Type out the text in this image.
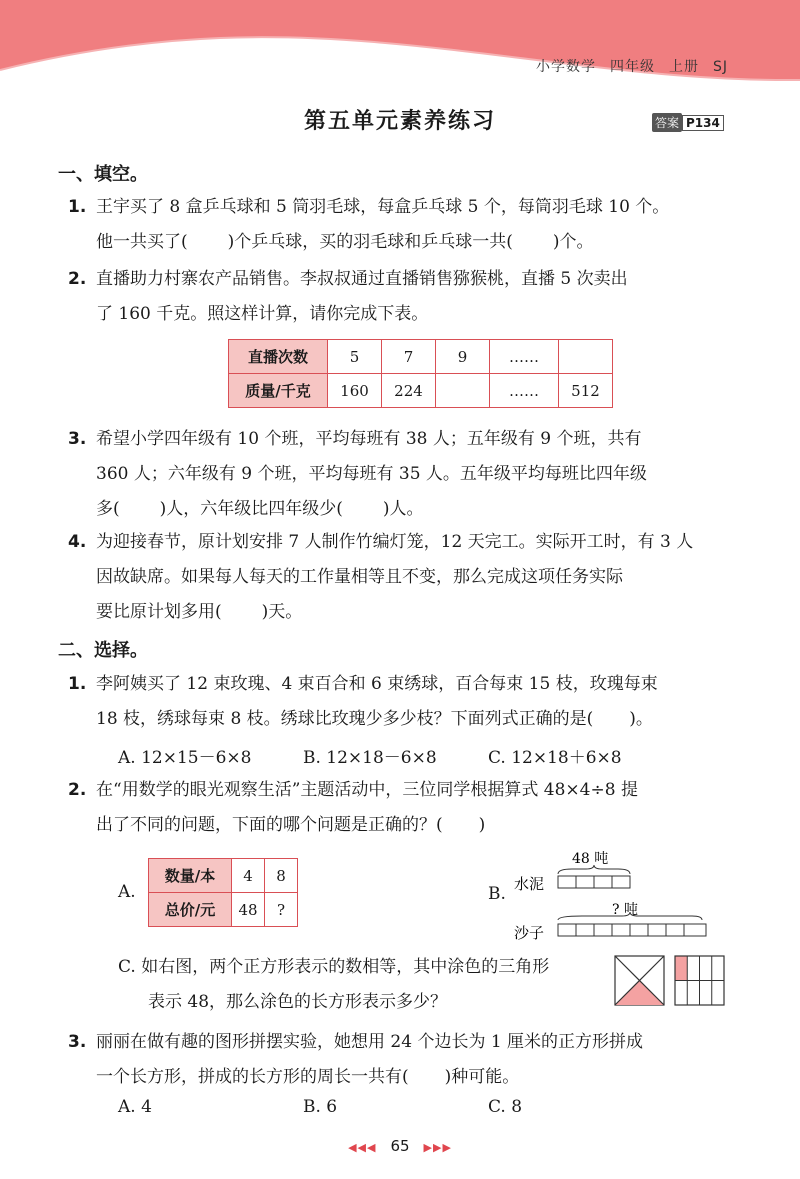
小学数学 四年级 上册 SJ
第五单元素养练习	答案 P134
一、填空。
1. 王宇买了 8 盒乒乓球和 5 筒羽毛球，每盒乒乓球 5 个，每筒羽毛球 10 个。
他一共买了( )个乒乓球，买的羽毛球和乒乓球一共( )个。
2. 直播助力村寨农产品销售。李叔叔通过直播销售猕猴桃，直播 5 次卖出
了 160 千克。照这样计算，请你完成下表。
直播次数	5	7	9	……	
质量/千克	160	224		……	512
3. 希望小学四年级有 10 个班，平均每班有 38 人；五年级有 9 个班，共有
360 人；六年级有 9 个班，平均每班有 35 人。五年级平均每班比四年级
多( )人，六年级比四年级少( )人。
4. 为迎接春节，原计划安排 7 人制作竹编灯笼，12 天完工。实际开工时，有 3 人
因故缺席。如果每人每天的工作量相等且不变，那么完成这项任务实际
要比原计划多用( )天。
二、选择。
1. 李阿姨买了 12 束玫瑰、4 束百合和 6 束绣球，百合每束 15 枝，玫瑰每束
18 枝，绣球每束 8 枝。绣球比玫瑰少多少枝？下面列式正确的是( )。
A. 12×15－6×8	B. 12×18－6×8	C. 12×18＋6×8
2. 在“用数学的眼光观察生活”主题活动中，三位同学根据算式 48×4÷8 提
出了不同的问题，下面的哪个问题是正确的？( )
A.
数量/本	4	8
总价/元	48	?
B.
48 吨
水泥
? 吨
沙子
C. 如右图，两个正方形表示的数相等，其中涂色的三角形
表示 48，那么涂色的长方形表示多少？
3. 丽丽在做有趣的图形拼摆实验，她想用 24 个边长为 1 厘米的正方形拼成
一个长方形，拼成的长方形的周长一共有( )种可能。
A. 4	B. 6	C. 8
◀◀◀ 65 ▶▶▶
